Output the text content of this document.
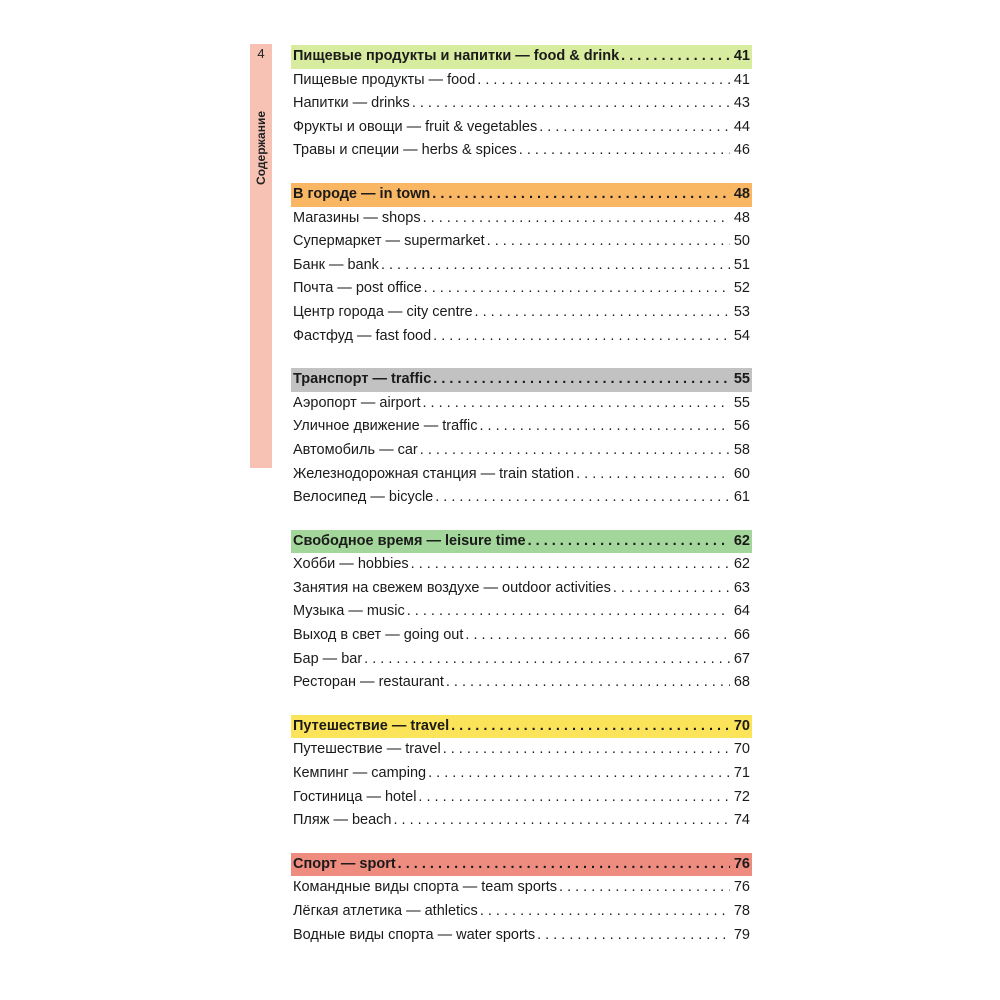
4
Содержание
Пищевые продукты и напитки — food & drink . . .	41
Пищевые продукты — food . . .	41
Напитки — drinks . . .	43
Фрукты и овощи — fruit & vegetables . . .	44
Травы и специи — herbs & spices . . .	46
В городе — in town . . .	48
Магазины — shops . . .	48
Супермаркет — supermarket . . .	50
Банк — bank . . .	51
Почта — post office . . .	52
Центр города — city centre . . .	53
Фастфуд — fast food . . .	54
Транспорт — traffic . . .	55
Аэропорт — airport . . .	55
Уличное движение — traffic . . .	56
Автомобиль — car . . .	58
Железнодорожная станция — train station . . .	60
Велосипед — bicycle . . .	61
Свободное время — leisure time . . .	62
Хобби — hobbies . . .	62
Занятия на свежем воздухе — outdoor activities . . .	63
Музыка — music . . .	64
Выход в свет — going out . . .	66
Бар — bar . . .	67
Ресторан — restaurant . . .	68
Путешествие — travel . . .	70
Путешествие — travel . . .	70
Кемпинг — camping . . .	71
Гостиница — hotel . . .	72
Пляж — beach . . .	74
Спорт — sport . . .	76
Командные виды спорта — team sports . . .	76
Лёгкая атлетика — athletics . . .	78
Водные виды спорта — water sports . . .	79
